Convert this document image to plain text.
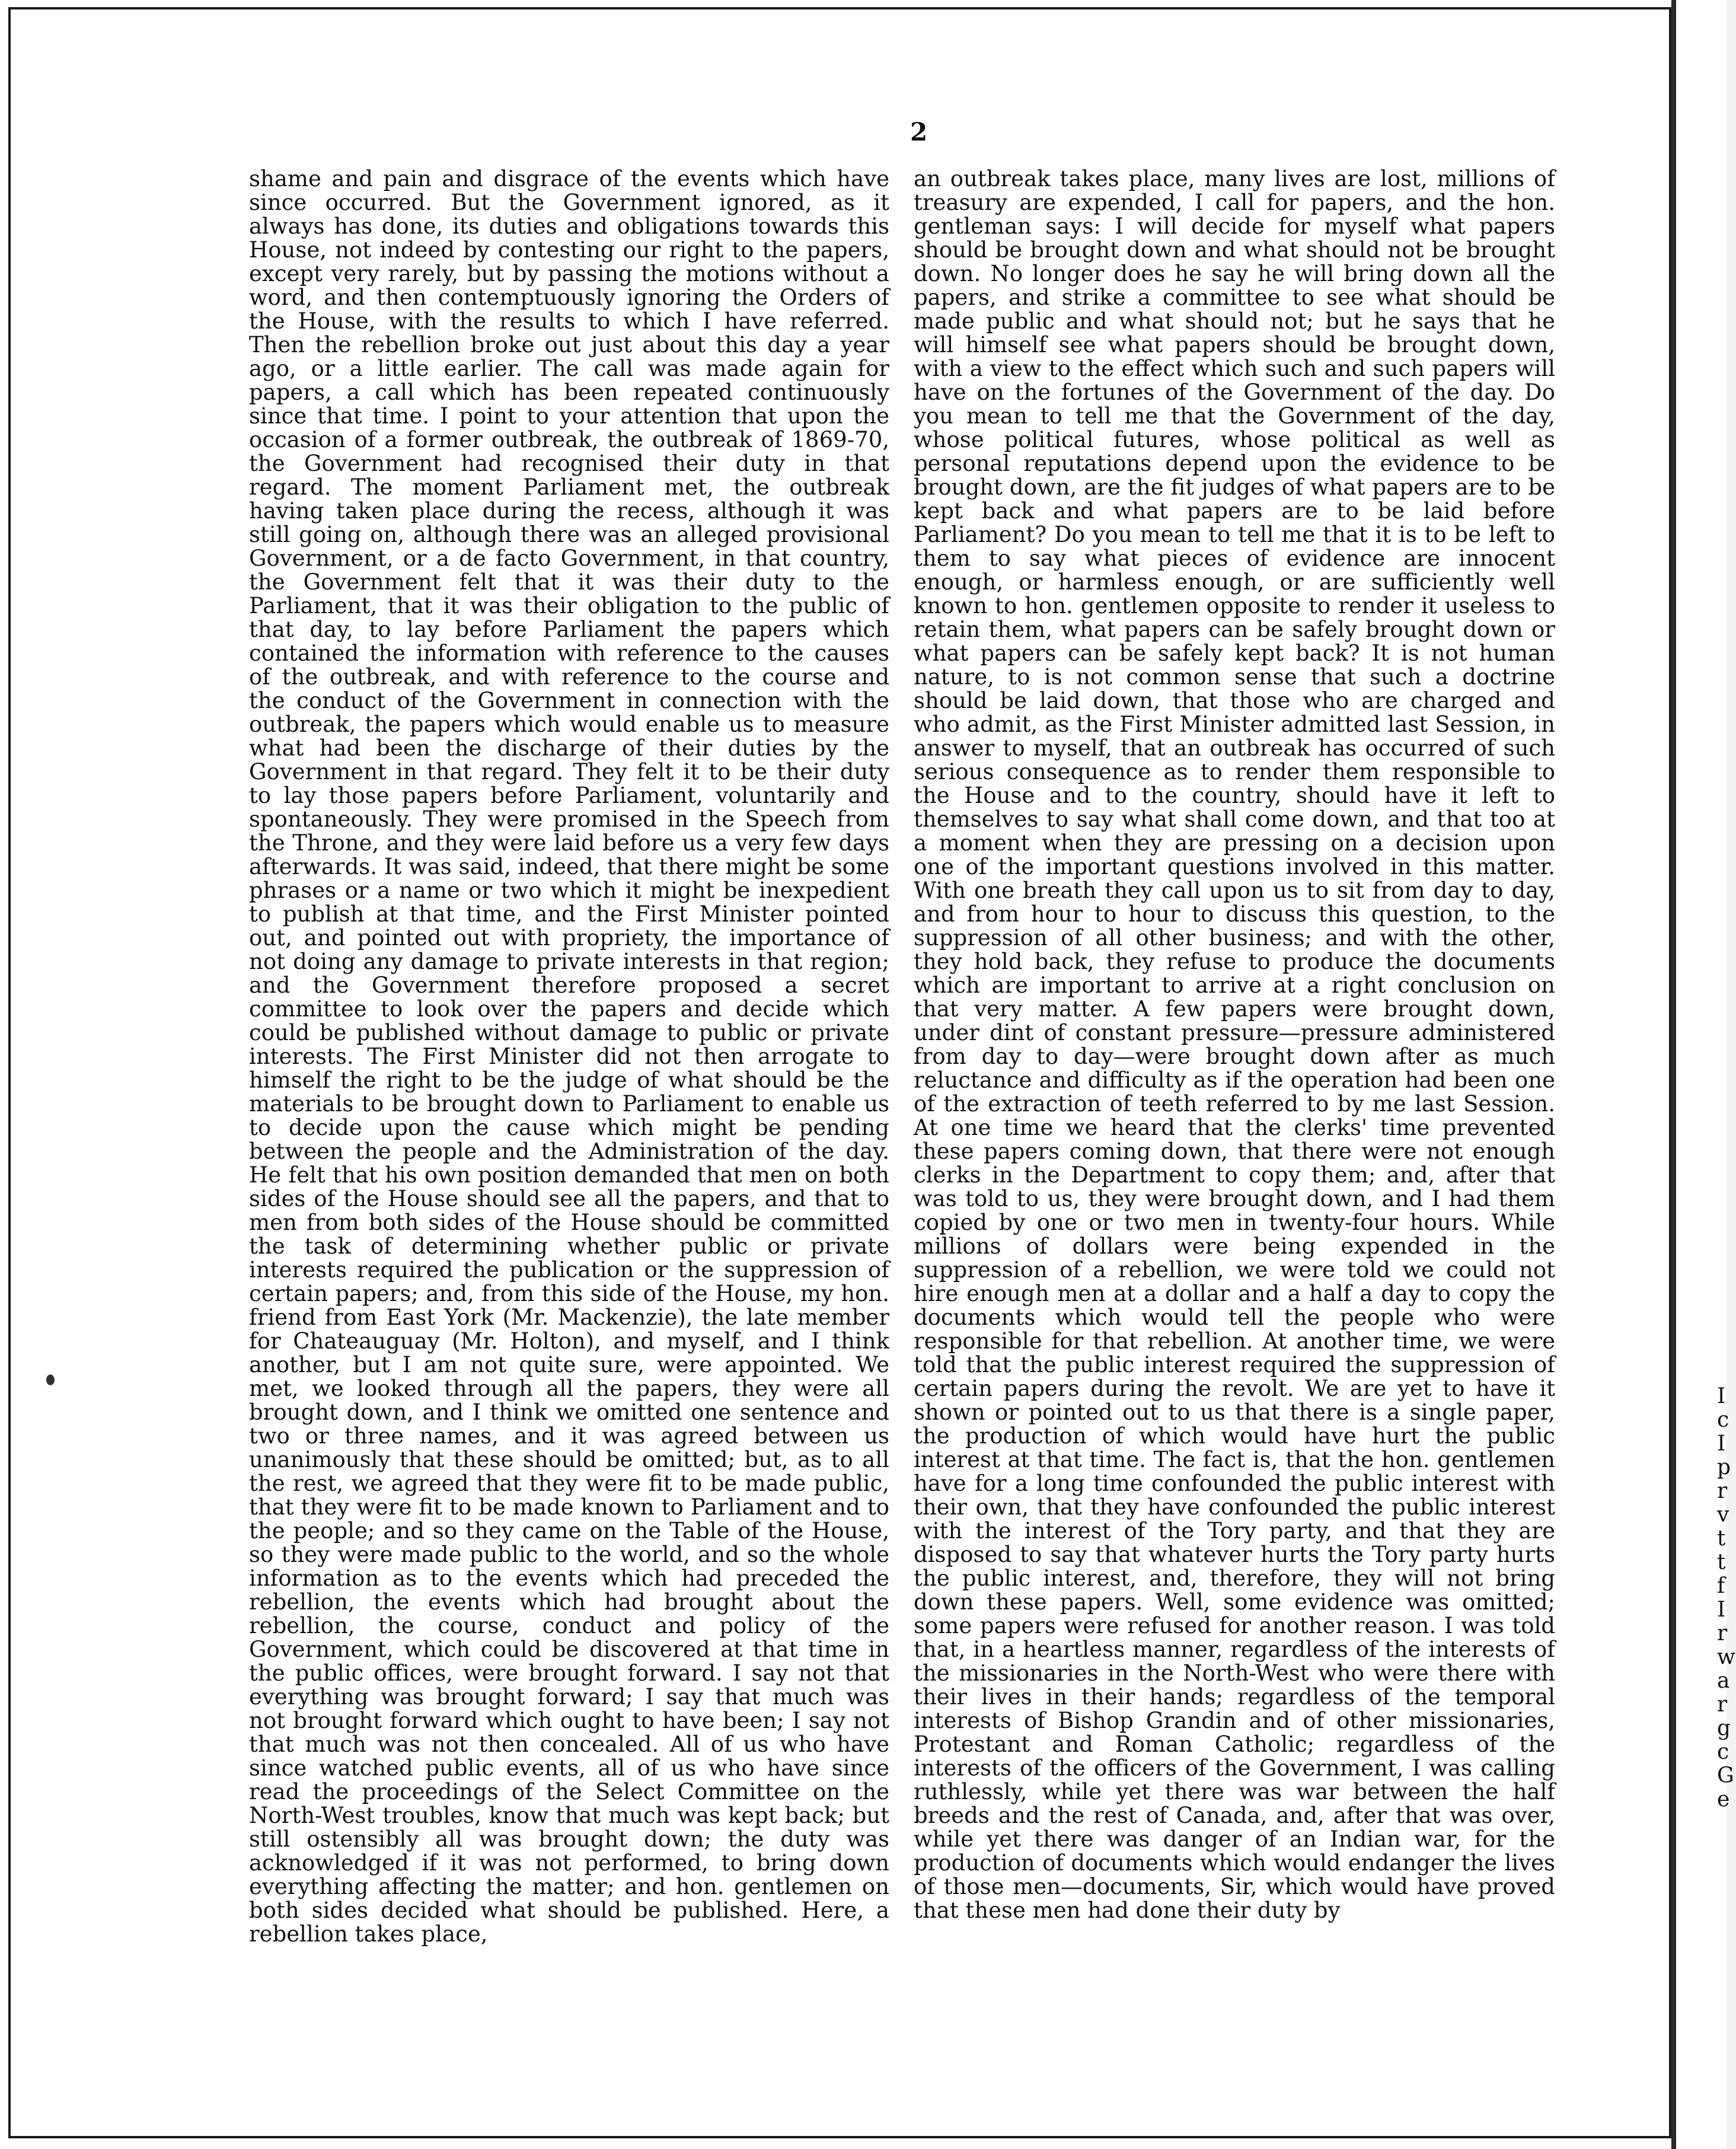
2

shame and pain and disgrace of the events which have since occurred. But the Government ignored, as it always has done, its duties and obligations towards this House, not indeed by contesting our right to the papers, except very rarely, but by passing the motions without a word, and then contemptuously ignoring the Orders of the House, with the results to which I have referred. Then the rebellion broke out just about this day a year ago, or a little earlier. The call was made again for papers, a call which has been repeated continuously since that time. I point to your attention that upon the occasion of a former outbreak, the outbreak of 1869-70, the Government had recognised their duty in that regard. The moment Parliament met, the outbreak having taken place during the recess, although it was still going on, although there was an alleged provisional Government, or a de facto Government, in that country, the Government felt that it was their duty to the Parliament, that it was their obligation to the public of that day, to lay before Parliament the papers which contained the information with reference to the causes of the outbreak, and with reference to the course and the conduct of the Government in connection with the outbreak, the papers which would enable us to measure what had been the discharge of their duties by the Government in that regard. They felt it to be their duty to lay those papers before Parliament, voluntarily and spontaneously. They were promised in the Speech from the Throne, and they were laid before us a very few days afterwards. It was said, indeed, that there might be some phrases or a name or two which it might be inexpedient to publish at that time, and the First Minister pointed out, and pointed out with propriety, the importance of not doing any damage to private interests in that region; and the Government therefore proposed a secret committee to look over the papers and decide which could be published without damage to public or private interests. The First Minister did not then arrogate to himself the right to be the judge of what should be the materials to be brought down to Parliament to enable us to decide upon the cause which might be pending between the people and the Administration of the day. He felt that his own position demanded that men on both sides of the House should see all the papers, and that to men from both sides of the House should be committed the task of determining whether public or private interests required the publication or the suppression of certain papers; and, from this side of the House, my hon. friend from East York (Mr. Mackenzie), the late member for Chateauguay (Mr. Holton), and myself, and I think another, but I am not quite sure, were appointed. We met, we looked through all the papers, they were all brought down, and I think we omitted one sentence and two or three names, and it was agreed between us unanimously that these should be omitted; but, as to all the rest, we agreed that they were fit to be made public, that they were fit to be made known to Parliament and to the people; and so they came on the Table of the House, so they were made public to the world, and so the whole information as to the events which had preceded the rebellion, the events which had brought about the rebellion, the course, conduct and policy of the Government, which could be discovered at that time in the public offices, were brought forward. I say not that everything was brought forward; I say that much was not brought forward which ought to have been; I say not that much was not then concealed. All of us who have since watched public events, all of us who have since read the proceedings of the Select Committee on the North-West troubles, know that much was kept back; but still ostensibly all was brought down; the duty was acknowledged if it was not performed, to bring down everything affecting the matter; and hon. gentlemen on both sides decided what should be published. Here, a rebellion takes place,

an outbreak takes place, many lives are lost, millions of treasury are expended, I call for papers, and the hon. gentleman says: I will decide for myself what papers should be brought down and what should not be brought down. No longer does he say he will bring down all the papers, and strike a committee to see what should be made public and what should not; but he says that he will himself see what papers should be brought down, with a view to the effect which such and such papers will have on the fortunes of the Government of the day. Do you mean to tell me that the Government of the day, whose political futures, whose political as well as personal reputations depend upon the evidence to be brought down, are the fit judges of what papers are to be kept back and what papers are to be laid before Parliament? Do you mean to tell me that it is to be left to them to say what pieces of evidence are innocent enough, or harmless enough, or are sufficiently well known to hon. gentlemen opposite to render it useless to retain them, what papers can be safely brought down or what papers can be safely kept back? It is not human nature, to is not common sense that such a doctrine should be laid down, that those who are charged and who admit, as the First Minister admitted last Session, in answer to myself, that an outbreak has occurred of such serious consequence as to render them responsible to the House and to the country, should have it left to themselves to say what shall come down, and that too at a moment when they are pressing on a decision upon one of the important questions involved in this matter. With one breath they call upon us to sit from day to day, and from hour to hour to discuss this question, to the suppression of all other business; and with the other, they hold back, they refuse to produce the documents which are important to arrive at a right conclusion on that very matter. A few papers were brought down, under dint of constant pressure—pressure administered from day to day—were brought down after as much reluctance and difficulty as if the operation had been one of the extraction of teeth referred to by me last Session. At one time we heard that the clerks' time prevented these papers coming down, that there were not enough clerks in the Department to copy them; and, after that was told to us, they were brought down, and I had them copied by one or two men in twenty-four hours. While millions of dollars were being expended in the suppression of a rebellion, we were told we could not hire enough men at a dollar and a half a day to copy the documents which would tell the people who were responsible for that rebellion. At another time, we were told that the public interest required the suppression of certain papers during the revolt. We are yet to have it shown or pointed out to us that there is a single paper, the production of which would have hurt the public interest at that time. The fact is, that the hon. gentlemen have for a long time confounded the public interest with their own, that they have confounded the public interest with the interest of the Tory party, and that they are disposed to say that whatever hurts the Tory party hurts the public interest, and, therefore, they will not bring down these papers. Well, some evidence was omitted; some papers were refused for another reason. I was told that, in a heartless manner, regardless of the interests of the missionaries in the North-West who were there with their lives in their hands; regardless of the temporal interests of Bishop Grandin and of other missionaries, Protestant and Roman Catholic; regardless of the interests of the officers of the Government, I was calling ruthlessly, while yet there was war between the half breeds and the rest of Canada, and, after that was over, while yet there was danger of an Indian war, for the production of documents which would endanger the lives of those men—documents, Sir, which would have proved that these men had done their duty by

I
c
I
p
r
v
t
t
f
I
r
w
a
r
g
c
G
e
